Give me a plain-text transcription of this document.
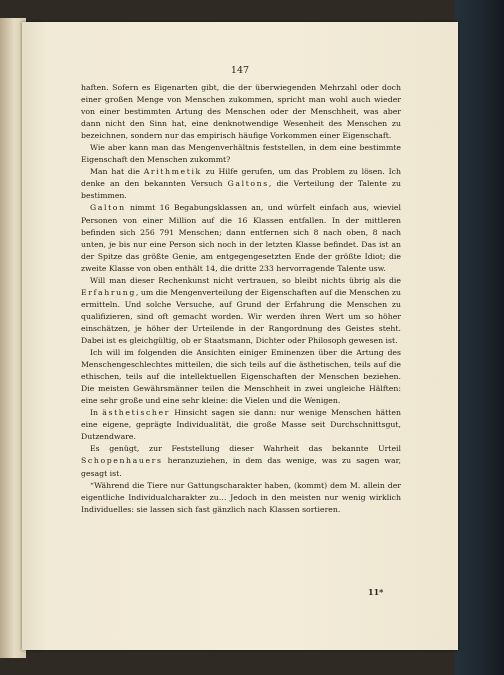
147

haften. Sofern es Eigenarten gibt, die der überwiegenden Mehrzahl oder doch einer großen Menge von Menschen zukommen, spricht man wohl auch wieder von einer bestimmten Artung des Menschen oder der Menschheit, was aber dann nicht den Sinn hat, eine denknotwendige Wesenheit des Menschen zu bezeichnen, sondern nur das empirisch häufige Vorkommen einer Eigenschaft.

Wie aber kann man das Mengenverhältnis feststellen, in dem eine bestimmte Eigenschaft den Menschen zukommt?

Man hat die Arithmetik zu Hilfe gerufen, um das Problem zu lösen. Ich denke an den bekannten Versuch Galtons, die Verteilung der Talente zu bestimmen.

Galton nimmt 16 Begabungsklassen an, und würfelt einfach aus, wieviel Personen von einer Million auf die 16 Klassen entfallen. In der mittleren befinden sich 256 791 Menschen; dann entfernen sich 8 nach oben, 8 nach unten, je bis nur eine Person sich noch in der letzten Klasse befindet. Das ist an der Spitze das größte Genie, am entgegengesetzten Ende der größte Idiot; die zweite Klasse von oben enthält 14, die dritte 233 hervorragende Talente usw.

Will man dieser Rechenkunst nicht vertrauen, so bleibt nichts übrig als die Erfahrung, um die Mengenverteilung der Eigenschaften auf die Menschen zu ermitteln. Und solche Versuche, auf Grund der Erfahrung die Menschen zu qualifizieren, sind oft gemacht worden. Wir werden ihren Wert um so höher einschätzen, je höher der Urteilende in der Rangordnung des Geistes steht. Dabei ist es gleichgültig, ob er Staatsmann, Dichter oder Philosoph gewesen ist.

Ich will im folgenden die Ansichten einiger Eminenzen über die Artung des Menschengeschlechtes mitteilen, die sich teils auf die ästhetischen, teils auf die ethischen, teils auf die intellektuellen Eigenschaften der Menschen beziehen. Die meisten Gewährsmänner teilen die Menschheit in zwei ungleiche Hälften: eine sehr große und eine sehr kleine: die Vielen und die Wenigen.

In ästhetischer Hinsicht sagen sie dann: nur wenige Menschen hätten eine eigene, geprägte Individualität, die große Masse seit Durchschnittsgut, Dutzendware.

Es genügt, zur Feststellung dieser Wahrheit das bekannte Urteil Schopenhauers heranzuziehen, in dem das wenige, was zu sagen war, gesagt ist.

“Während die Tiere nur Gattungscharakter haben, (kommt) dem M. allein der eigentliche Individualcharakter zu… Jedoch in den meisten nur wenig wirklich Individuelles: sie lassen sich fast gänzlich nach Klassen sortieren.

11*
